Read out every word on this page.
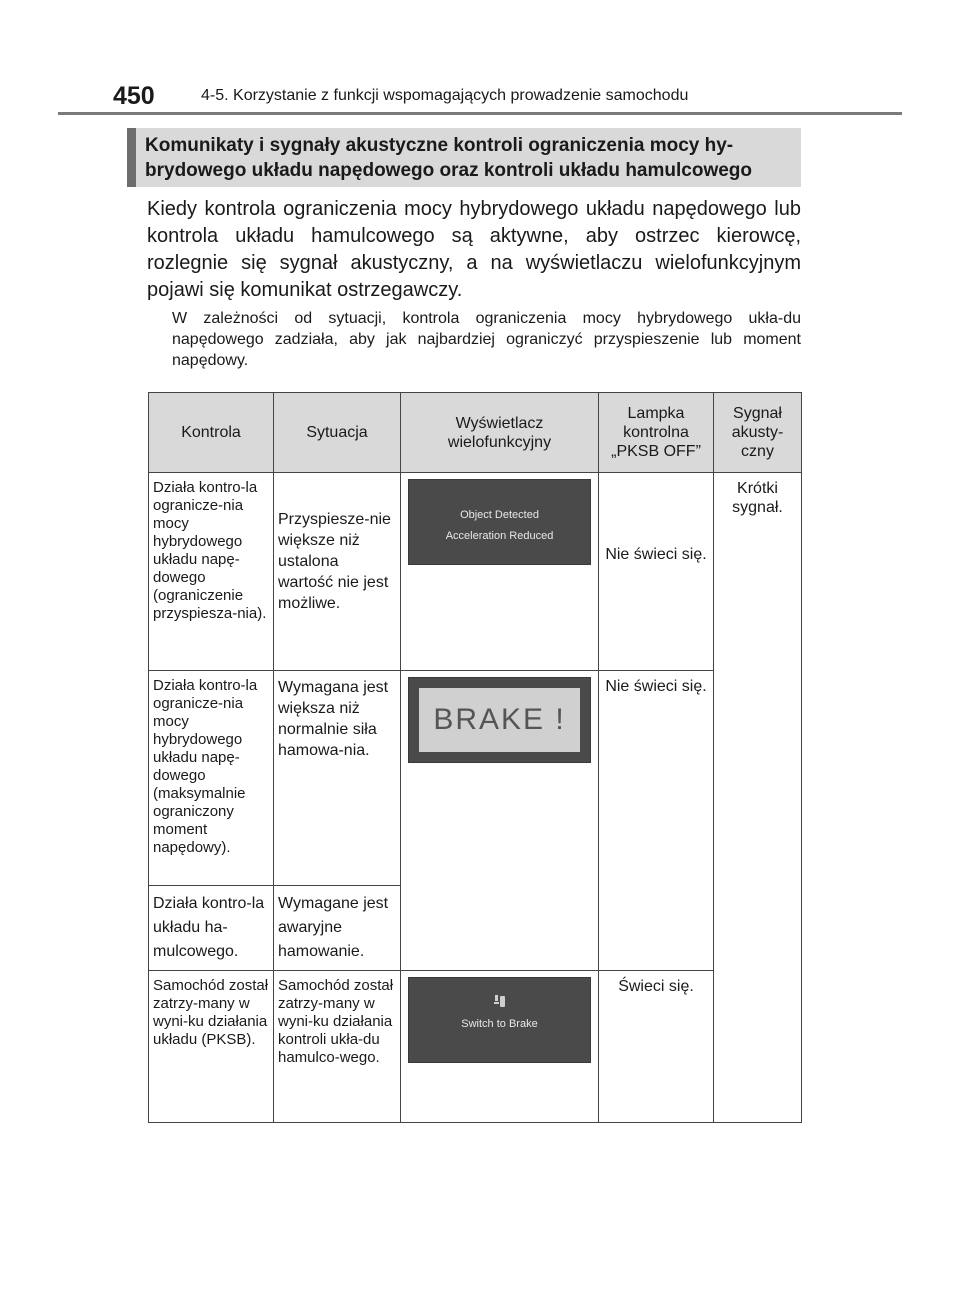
450	4-5. Korzystanie z funkcji wspomagających prowadzenie samochodu
Komunikaty i sygnały akustyczne kontroli ograniczenia mocy hy-
brydowego układu napędowego oraz kontroli układu hamulcowego
Kiedy kontrola ograniczenia mocy hybrydowego układu napędowego lub kontrola układu hamulcowego są aktywne, aby ostrzec kierowcę, rozlegnie się sygnał akustyczny, a na wyświetlaczu wielofunkcyjnym pojawi się komunikat ostrzegawczy.
W zależności od sytuacji, kontrola ograniczenia mocy hybrydowego ukła-du napędowego zadziała, aby jak najbardziej ograniczyć przyspieszenie lub moment napędowy.
Kontrola	Sytuacja	Wyświetlacz wielofunkcyjny	Lampka kontrolna „PKSB OFF”	Sygnał akusty-czny
Działa kontro-la ogranicze-nia mocy hybrydowego układu napę-dowego (ograniczenie przyspiesza-nia).	Przyspiesze-nie większe niż ustalona wartość nie jest możliwe.	Object Detected
Acceleration Reduced	Nie świeci się.	Krótki sygnał.
Działa kontro-la ogranicze-nia mocy hybrydowego układu napę-dowego (maksymalnie ograniczony moment napędowy).	Wymagana jest większa niż normalnie siła hamowa-nia.	BRAKE !	Nie świeci się.	
Działa kontro-la układu ha-mulcowego.	Wymagane jest awaryjne hamowanie.			
Samochód został zatrzy-many w wyni-ku działania układu (PKSB).	Samochód został zatrzy-many w wyni-ku działania kontroli ukła-du hamulco-wego.	Switch to Brake	Świeci się.	
